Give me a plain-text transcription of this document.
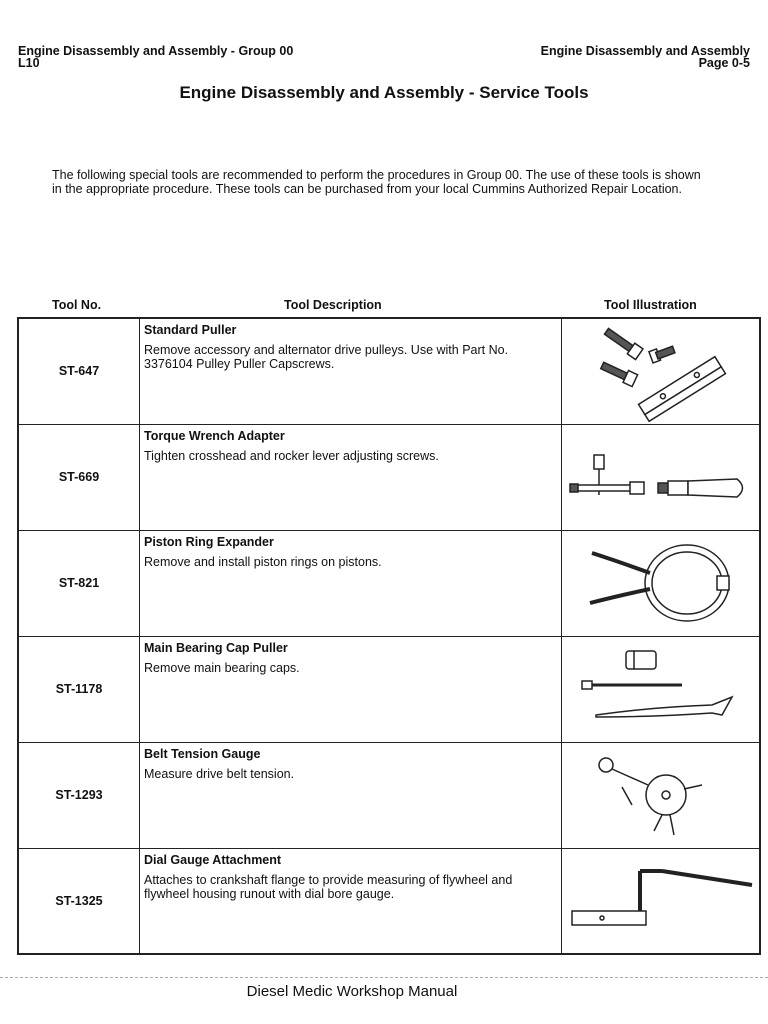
Engine Disassembly and Assembly - Group 00
L10
Engine Disassembly and Assembly
Page 0-5
Engine Disassembly and Assembly - Service Tools
The following special tools are recommended to perform the procedures in Group 00. The use of these tools is shown in the appropriate procedure. These tools can be purchased from your local Cummins Authorized Repair Location.
Tool No.	Tool Description	Tool Illustration
ST-647	Standard Puller
Remove accessory and alternator drive pulleys. Use with Part No. 3376104 Pulley Puller Capscrews.

ST-669	Torque Wrench Adapter
Tighten crosshead and rocker lever adjusting screws.

ST-821	Piston Ring Expander
Remove and install piston rings on pistons.

ST-1178	Main Bearing Cap Puller
Remove main bearing caps.

ST-1293	Belt Tension Gauge
Measure drive belt tension.

ST-1325	Dial Gauge Attachment
Attaches to crankshaft flange to provide measuring of flywheel and flywheel housing runout with dial bore gauge.

Diesel Medic Workshop Manual
